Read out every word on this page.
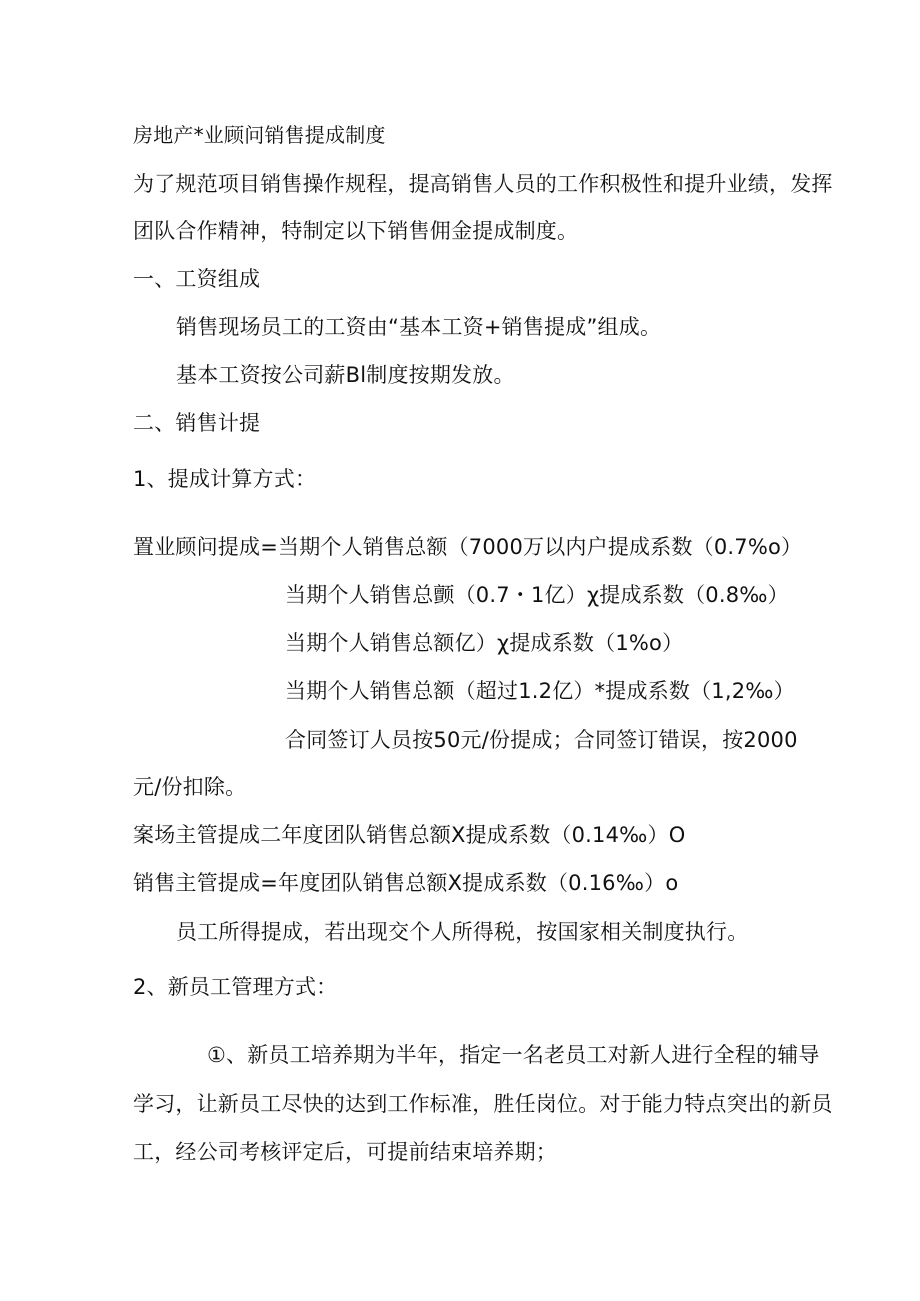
房地产*业顾问销售提成制度
为了规范项目销售操作规程，提高销售人员的工作积极性和提升业绩，发挥
团队合作精神，特制定以下销售佣金提成制度。
一、工资组成
销售现场员工的工资由“基本工资+销售提成”组成。
基本工资按公司薪Bl制度按期发放。
二、销售计提
1、提成计算方式：
置业顾问提成=当期个人销售总额（7000万以内户提成系数（0.7%o）
当期个人销售总颤（0.7・1亿）χ提成系数（0.8‰）
当期个人销售总额亿）χ提成系数（1%o）
当期个人销售总额（超过1.2亿）*提成系数（1,2‰）
合同签订人员按50元/份提成；合同签订错误，按2000
元/份扣除。
案场主管提成二年度团队销售总额X提成系数（0.14‰）O
销售主管提成=年度团队销售总额X提成系数（0.16‰）o
员工所得提成，若出现交个人所得税，按国家相关制度执行。
2、新员工管理方式：
①、新员工培养期为半年，指定一名老员工对新人进行全程的辅导
学习，让新员工尽快的达到工作标准，胜任岗位。对于能力特点突出的新员
工，经公司考核评定后，可提前结束培养期；
